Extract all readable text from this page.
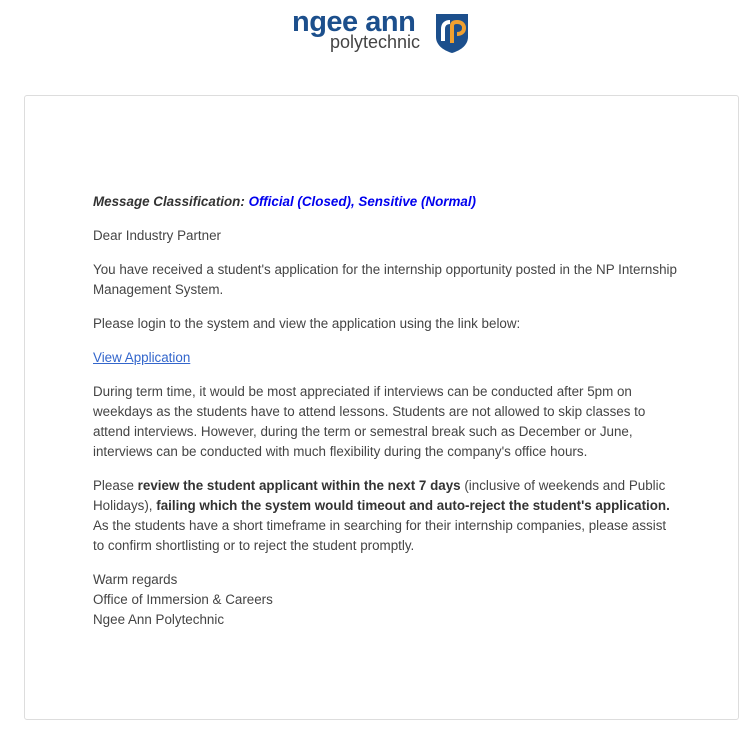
ngee ann
polytechnic

Message Classification: Official (Closed), Sensitive (Normal)

Dear Industry Partner

You have received a student's application for the internship opportunity posted in the NP Internship Management System.

Please login to the system and view the application using the link below:

View Application

During term time, it would be most appreciated if interviews can be conducted after 5pm on weekdays as the students have to attend lessons. Students are not allowed to skip classes to attend interviews. However, during the term or semestral break such as December or June, interviews can be conducted with much flexibility during the company's office hours.

Please review the student applicant within the next 7 days (inclusive of weekends and Public Holidays), failing which the system would timeout and auto-reject the student's application. As the students have a short timeframe in searching for their internship companies, please assist to confirm shortlisting or to reject the student promptly.

Warm regards
Office of Immersion & Careers
Ngee Ann Polytechnic
